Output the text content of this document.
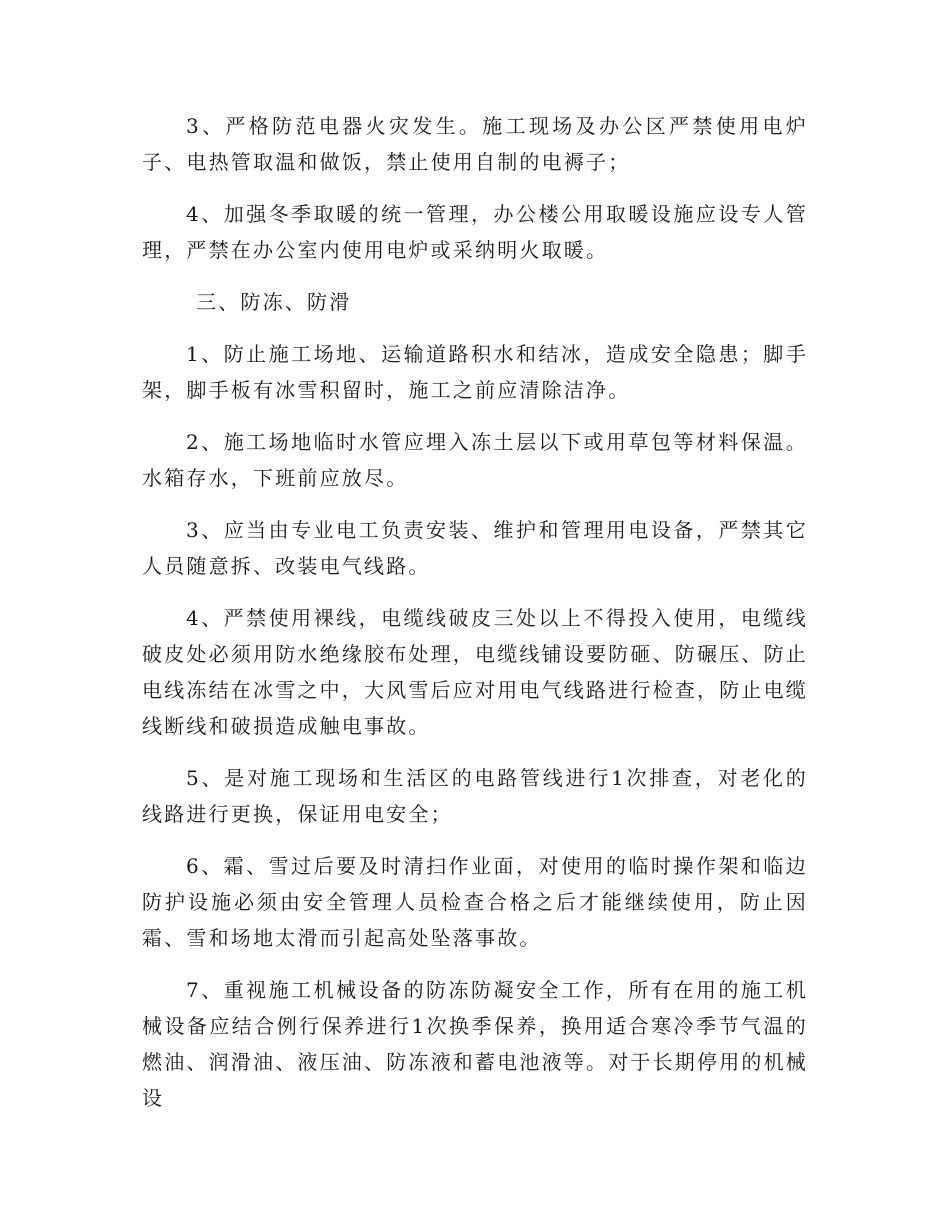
3、严格防范电器火灾发生。施工现场及办公区严禁使用电炉子、电热管取温和做饭，禁止使用自制的电褥子；

4、加强冬季取暖的统一管理，办公楼公用取暖设施应设专人管理，严禁在办公室内使用电炉或采纳明火取暖。

三、防冻、防滑

1、防止施工场地、运输道路积水和结冰，造成安全隐患；脚手架，脚手板有冰雪积留时，施工之前应清除洁净。

2、施工场地临时水管应埋入冻土层以下或用草包等材料保温。水箱存水，下班前应放尽。

3、应当由专业电工负责安装、维护和管理用电设备，严禁其它人员随意拆、改装电气线路。

4、严禁使用裸线，电缆线破皮三处以上不得投入使用，电缆线破皮处必须用防水绝缘胶布处理，电缆线铺设要防砸、防碾压、防止电线冻结在冰雪之中，大风雪后应对用电气线路进行检查，防止电缆线断线和破损造成触电事故。

5、是对施工现场和生活区的电路管线进行1次排查，对老化的线路进行更换，保证用电安全；

6、霜、雪过后要及时清扫作业面，对使用的临时操作架和临边防护设施必须由安全管理人员检查合格之后才能继续使用，防止因霜、雪和场地太滑而引起高处坠落事故。

7、重视施工机械设备的防冻防凝安全工作，所有在用的施工机械设备应结合例行保养进行1次换季保养，换用适合寒冷季节气温的燃油、润滑油、液压油、防冻液和蓄电池液等。对于长期停用的机械设
